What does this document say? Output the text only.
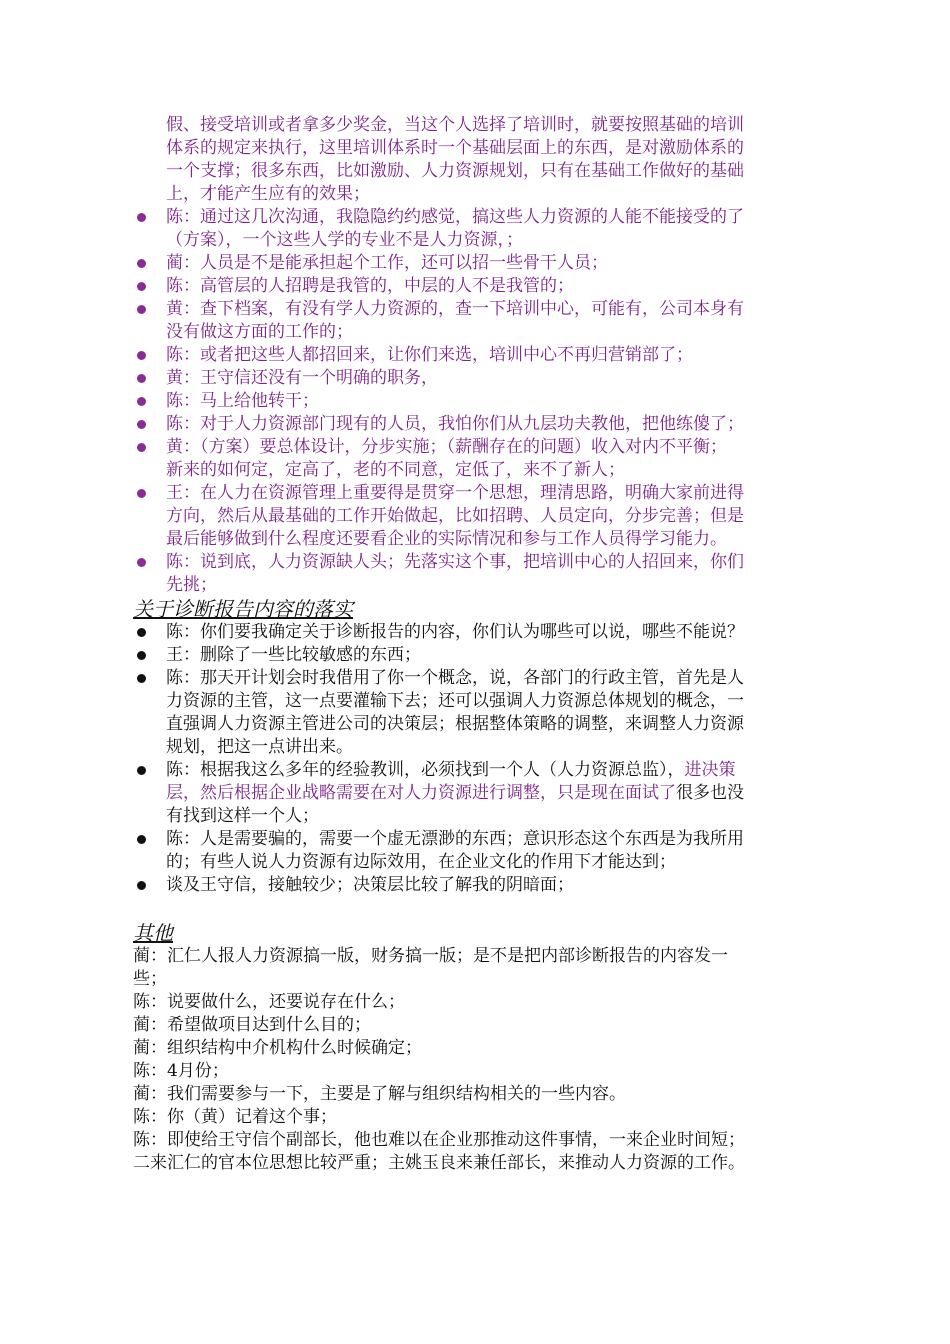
假、接受培训或者拿多少奖金，当这个人选择了培训时，就要按照基础的培训
体系的规定来执行，这里培训体系时一个基础层面上的东西，是对激励体系的
一个支撑；很多东西，比如激励、人力资源规划，只有在基础工作做好的基础
上，才能产生应有的效果；
陈：通过这几次沟通，我隐隐约约感觉，搞这些人力资源的人能不能接受的了
（方案），一个这些人学的专业不是人力资源，；
蔺：人员是不是能承担起个工作，还可以招一些骨干人员；
陈：高管层的人招聘是我管的，中层的人不是我管的；
黄：查下档案，有没有学人力资源的，查一下培训中心，可能有，公司本身有
没有做这方面的工作的；
陈：或者把这些人都招回来，让你们来选，培训中心不再归营销部了；
黄：王守信还没有一个明确的职务，
陈：马上给他转干；
陈：对于人力资源部门现有的人员，我怕你们从九层功夫教他，把他练傻了；
黄：（方案）要总体设计，分步实施；（薪酬存在的问题）收入对内不平衡；
新来的如何定，定高了，老的不同意，定低了，来不了新人；
王：在人力在资源管理上重要得是贯穿一个思想，理清思路，明确大家前进得
方向，然后从最基础的工作开始做起，比如招聘、人员定向，分步完善；但是
最后能够做到什么程度还要看企业的实际情况和参与工作人员得学习能力。
陈：说到底，人力资源缺人头；先落实这个事，把培训中心的人招回来，你们
先挑；
关于诊断报告内容的落实
陈：你们要我确定关于诊断报告的内容，你们认为哪些可以说，哪些不能说？
王：删除了一些比较敏感的东西；
陈：那天开计划会时我借用了你一个概念，说，各部门的行政主管，首先是人
力资源的主管，这一点要灌输下去；还可以强调人力资源总体规划的概念，一
直强调人力资源主管进公司的决策层；根据整体策略的调整，来调整人力资源
规划，把这一点讲出来。
陈：根据我这么多年的经验教训，必须找到一个人（人力资源总监），进决策
层，然后根据企业战略需要在对人力资源进行调整，只是现在面试了很多也没
有找到这样一个人；
陈：人是需要骗的，需要一个虚无漂渺的东西；意识形态这个东西是为我所用
的；有些人说人力资源有边际效用，在企业文化的作用下才能达到；
谈及王守信，接触较少；决策层比较了解我的阴暗面；
其他
蔺：汇仁人报人力资源搞一版，财务搞一版；是不是把内部诊断报告的内容发一
些；
陈：说要做什么，还要说存在什么；
蔺：希望做项目达到什么目的；
蔺：组织结构中介机构什么时候确定；
陈：4月份；
蔺：我们需要参与一下，主要是了解与组织结构相关的一些内容。
陈：你（黄）记着这个事；
陈：即使给王守信个副部长，他也难以在企业那推动这件事情，一来企业时间短；
二来汇仁的官本位思想比较严重；主姚玉良来兼任部长，来推动人力资源的工作。
